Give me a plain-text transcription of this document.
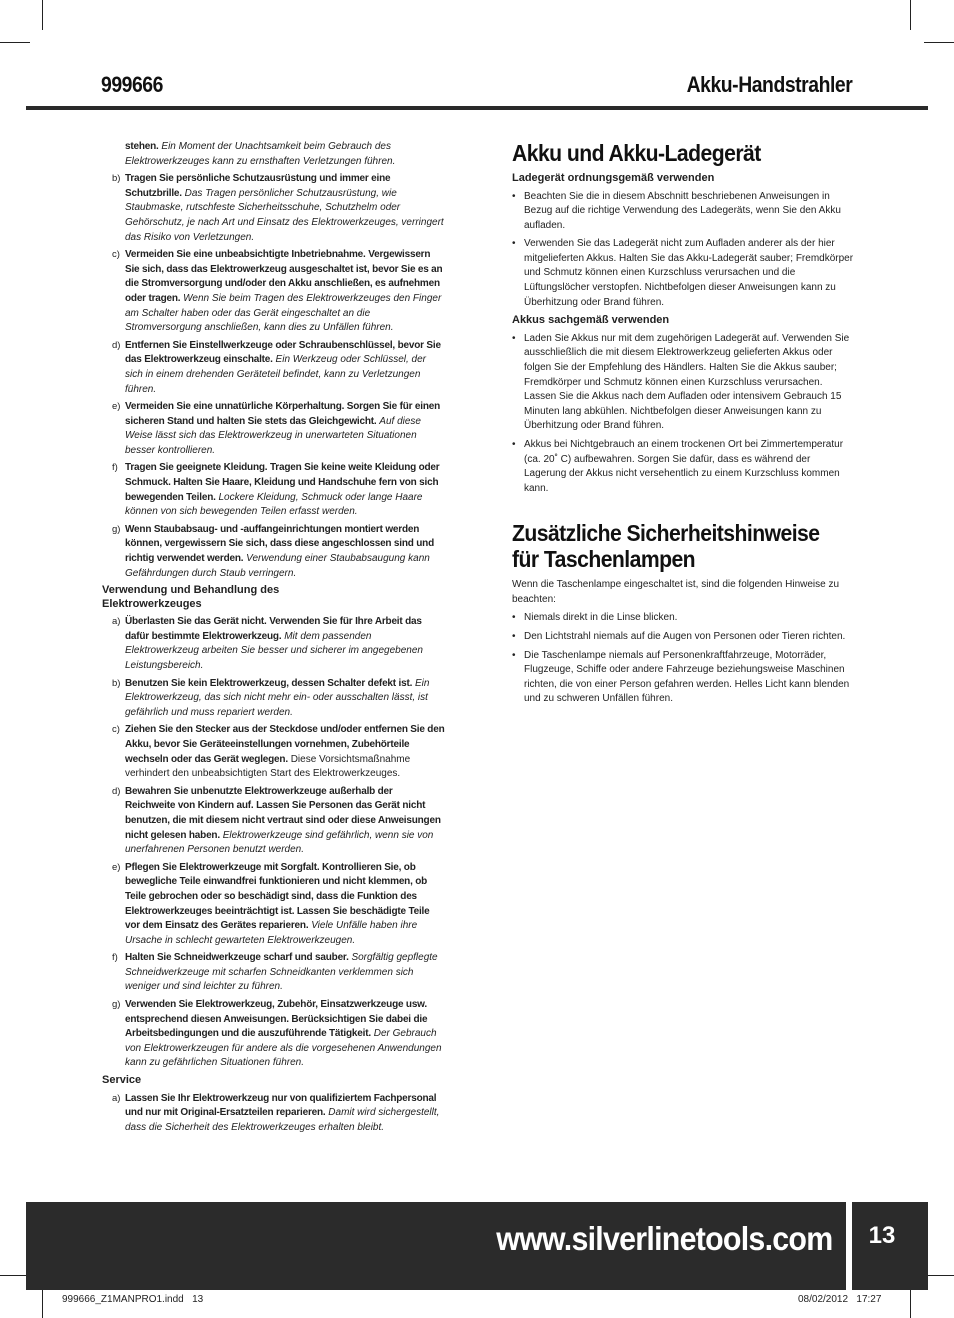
999666	Akku-Handstrahler
stehen. Ein Moment der Unachtsamkeit beim Gebrauch des Elektrowerkzeuges kann zu ernsthaften Verletzungen führen.
b) Tragen Sie persönliche Schutzausrüstung und immer eine Schutzbrille. Das Tragen persönlicher Schutzausrüstung, wie Staubmaske, rutschfeste Sicherheitsschuhe, Schutzhelm oder Gehörschutz, je nach Art und Einsatz des Elektrowerkzeuges, verringert das Risiko von Verletzungen.
c) Vermeiden Sie eine unbeabsichtigte Inbetriebnahme. Vergewissern Sie sich, dass das Elektrowerkzeug ausgeschaltet ist, bevor Sie es an die Stromversorgung und/oder den Akku anschließen, es aufnehmen oder tragen. Wenn Sie beim Tragen des Elektrowerkzeuges den Finger am Schalter haben oder das Gerät eingeschaltet an die Stromversorgung anschließen, kann dies zu Unfällen führen.
d) Entfernen Sie Einstellwerkzeuge oder Schraubenschlüssel, bevor Sie das Elektrowerkzeug einschalte. Ein Werkzeug oder Schlüssel, der sich in einem drehenden Geräteteil befindet, kann zu Verletzungen führen.
e) Vermeiden Sie eine unnatürliche Körperhaltung. Sorgen Sie für einen sicheren Stand und halten Sie stets das Gleichgewicht. Auf diese Weise lässt sich das Elektrowerkzeug in unerwarteten Situationen besser kontrollieren.
f) Tragen Sie geeignete Kleidung. Tragen Sie keine weite Kleidung oder Schmuck. Halten Sie Haare, Kleidung und Handschuhe fern von sich bewegenden Teilen. Lockere Kleidung, Schmuck oder lange Haare können von sich bewegenden Teilen erfasst werden.
g) Wenn Staubabsaug- und -auffangeinrichtungen montiert werden können, vergewissern Sie sich, dass diese angeschlossen sind und richtig verwendet werden. Verwendung einer Staubabsaugung kann Gefährdungen durch Staub verringern.
Verwendung und Behandlung des Elektrowerkzeuges
a) Überlasten Sie das Gerät nicht. Verwenden Sie für Ihre Arbeit das dafür bestimmte Elektrowerkzeug. Mit dem passenden Elektrowerkzeug arbeiten Sie besser und sicherer im angegebenen Leistungsbereich.
b) Benutzen Sie kein Elektrowerkzeug, dessen Schalter defekt ist. Ein Elektrowerkzeug, das sich nicht mehr ein- oder ausschalten lässt, ist gefährlich und muss repariert werden.
c) Ziehen Sie den Stecker aus der Steckdose und/oder entfernen Sie den Akku, bevor Sie Geräteeinstellungen vornehmen, Zubehörteile wechseln oder das Gerät weglegen. Diese Vorsichtsmaßnahme verhindert den unbeabsichtigten Start des Elektrowerkzeuges.
d) Bewahren Sie unbenutzte Elektrowerkzeuge außerhalb der Reichweite von Kindern auf. Lassen Sie Personen das Gerät nicht benutzen, die mit diesem nicht vertraut sind oder diese Anweisungen nicht gelesen haben. Elektrowerkzeuge sind gefährlich, wenn sie von unerfahrenen Personen benutzt werden.
e) Pflegen Sie Elektrowerkzeuge mit Sorgfalt. Kontrollieren Sie, ob bewegliche Teile einwandfrei funktionieren und nicht klemmen, ob Teile gebrochen oder so beschädigt sind, dass die Funktion des Elektrowerkzeuges beeinträchtigt ist. Lassen Sie beschädigte Teile vor dem Einsatz des Gerätes reparieren. Viele Unfälle haben ihre Ursache in schlecht gewarteten Elektrowerkzeugen.
f) Halten Sie Schneidwerkzeuge scharf und sauber. Sorgfältig gepflegte Schneidwerkzeuge mit scharfen Schneidkanten verklemmen sich weniger und sind leichter zu führen.
g) Verwenden Sie Elektrowerkzeug, Zubehör, Einsatzwerkzeuge usw. entsprechend diesen Anweisungen. Berücksichtigen Sie dabei die Arbeitsbedingungen und die auszuführende Tätigkeit. Der Gebrauch von Elektrowerkzeugen für andere als die vorgesehenen Anwendungen kann zu gefährlichen Situationen führen.
Service
a) Lassen Sie Ihr Elektrowerkzeug nur von qualifiziertem Fachpersonal und nur mit Original-Ersatzteilen reparieren. Damit wird sichergestellt, dass die Sicherheit des Elektrowerkzeuges erhalten bleibt.
Akku und Akku-Ladegerät
Ladegerät ordnungsgemäß verwenden
• Beachten Sie die in diesem Abschnitt beschriebenen Anweisungen in Bezug auf die richtige Verwendung des Ladegeräts, wenn Sie den Akku aufladen.
• Verwenden Sie das Ladegerät nicht zum Aufladen anderer als der hier mitgelieferten Akkus. Halten Sie das Akku-Ladegerät sauber; Fremdkörper und Schmutz können einen Kurzschluss verursachen und die Lüftungslöcher verstopfen. Nichtbefolgen dieser Anweisungen kann zu Überhitzung oder Brand führen.
Akkus sachgemäß verwenden
• Laden Sie Akkus nur mit dem zugehörigen Ladegerät auf. Verwenden Sie ausschließlich die mit diesem Elektrowerkzeug gelieferten Akkus oder folgen Sie der Empfehlung des Händlers. Halten Sie die Akkus sauber; Fremdkörper und Schmutz können einen Kurzschluss verursachen. Lassen Sie die Akkus nach dem Aufladen oder intensivem Gebrauch 15 Minuten lang abkühlen. Nichtbefolgen dieser Anweisungen kann zu Überhitzung oder Brand führen.
• Akkus bei Nichtgebrauch an einem trockenen Ort bei Zimmertemperatur (ca. 20˚ C) aufbewahren. Sorgen Sie dafür, dass es während der Lagerung der Akkus nicht versehentlich zu einem Kurzschluss kommen kann.
Zusätzliche Sicherheitshinweise
für Taschenlampen
Wenn die Taschenlampe eingeschaltet ist, sind die folgenden Hinweise zu beachten:
• Niemals direkt in die Linse blicken.
• Den Lichtstrahl niemals auf die Augen von Personen oder Tieren richten.
• Die Taschenlampe niemals auf Personenkraftfahrzeuge, Motorräder, Flugzeuge, Schiffe oder andere Fahrzeuge beziehungsweise Maschinen richten, die von einer Person gefahren werden. Helles Licht kann blenden und zu schweren Unfällen führen.
www.silverlinetools.com	13
999666_Z1MANPRO1.indd   13	08/02/2012   17:27
